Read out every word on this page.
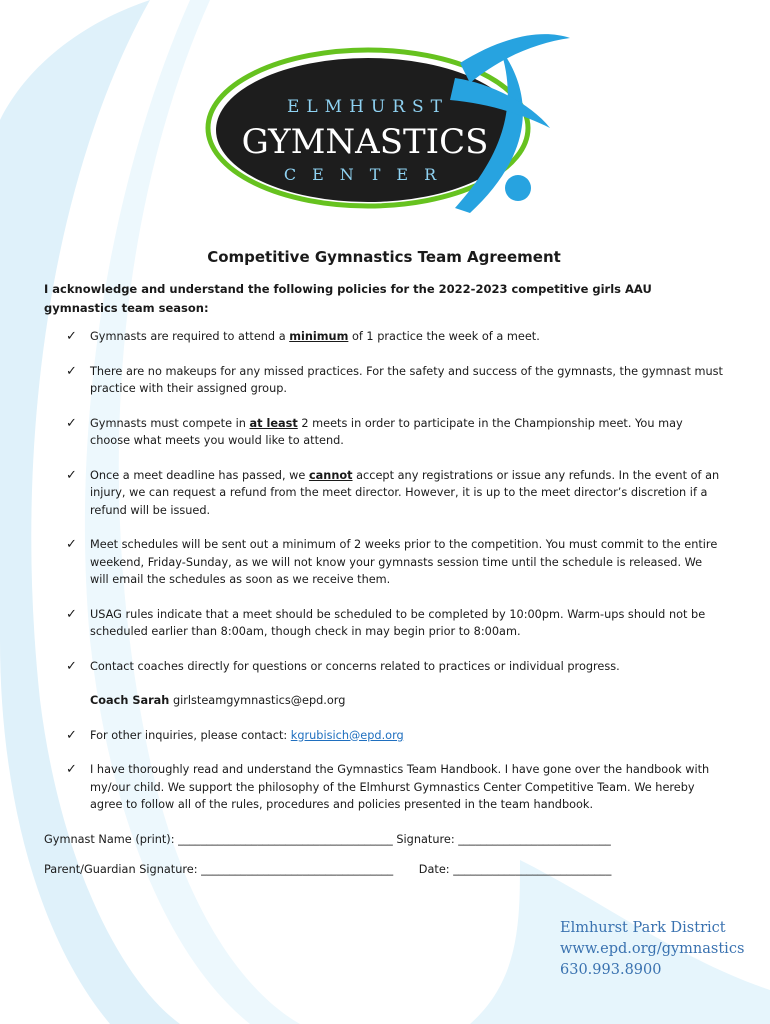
ELMHURST
GYMNASTICS
CENTER
Competitive Gymnastics Team Agreement

I acknowledge and understand the following policies for the 2022-2023 competitive girls AAU gymnastics team season:

✓ Gymnasts are required to attend a minimum of 1 practice the week of a meet.
✓ There are no makeups for any missed practices. For the safety and success of the gymnasts, the gymnast must practice with their assigned group.
✓ Gymnasts must compete in at least 2 meets in order to participate in the Championship meet. You may choose what meets you would like to attend.
✓ Once a meet deadline has passed, we cannot accept any registrations or issue any refunds. In the event of an injury, we can request a refund from the meet director. However, it is up to the meet director’s discretion if a refund will be issued.
✓ Meet schedules will be sent out a minimum of 2 weeks prior to the competition. You must commit to the entire weekend, Friday-Sunday, as we will not know your gymnasts session time until the schedule is released. We will email the schedules as soon as we receive them.
✓ USAG rules indicate that a meet should be scheduled to be completed by 10:00pm. Warm-ups should not be scheduled earlier than 8:00am, though check in may begin prior to 8:00am.
✓ Contact coaches directly for questions or concerns related to practices or individual progress.
Coach Sarah girlsteamgymnastics@epd.org
✓ For other inquiries, please contact: kgrubisich@epd.org
✓ I have thoroughly read and understand the Gymnastics Team Handbook. I have gone over the handbook with my/our child. We support the philosophy of the Elmhurst Gymnastics Center Competitive Team. We hereby agree to follow all of the rules, procedures and policies presented in the team handbook.
Gymnast Name (print): ______________________________________ Signature: ___________________________
Parent/Guardian Signature: __________________________________ Date: ____________________________
Elmhurst Park District
www.epd.org/gymnastics
630.993.8900
